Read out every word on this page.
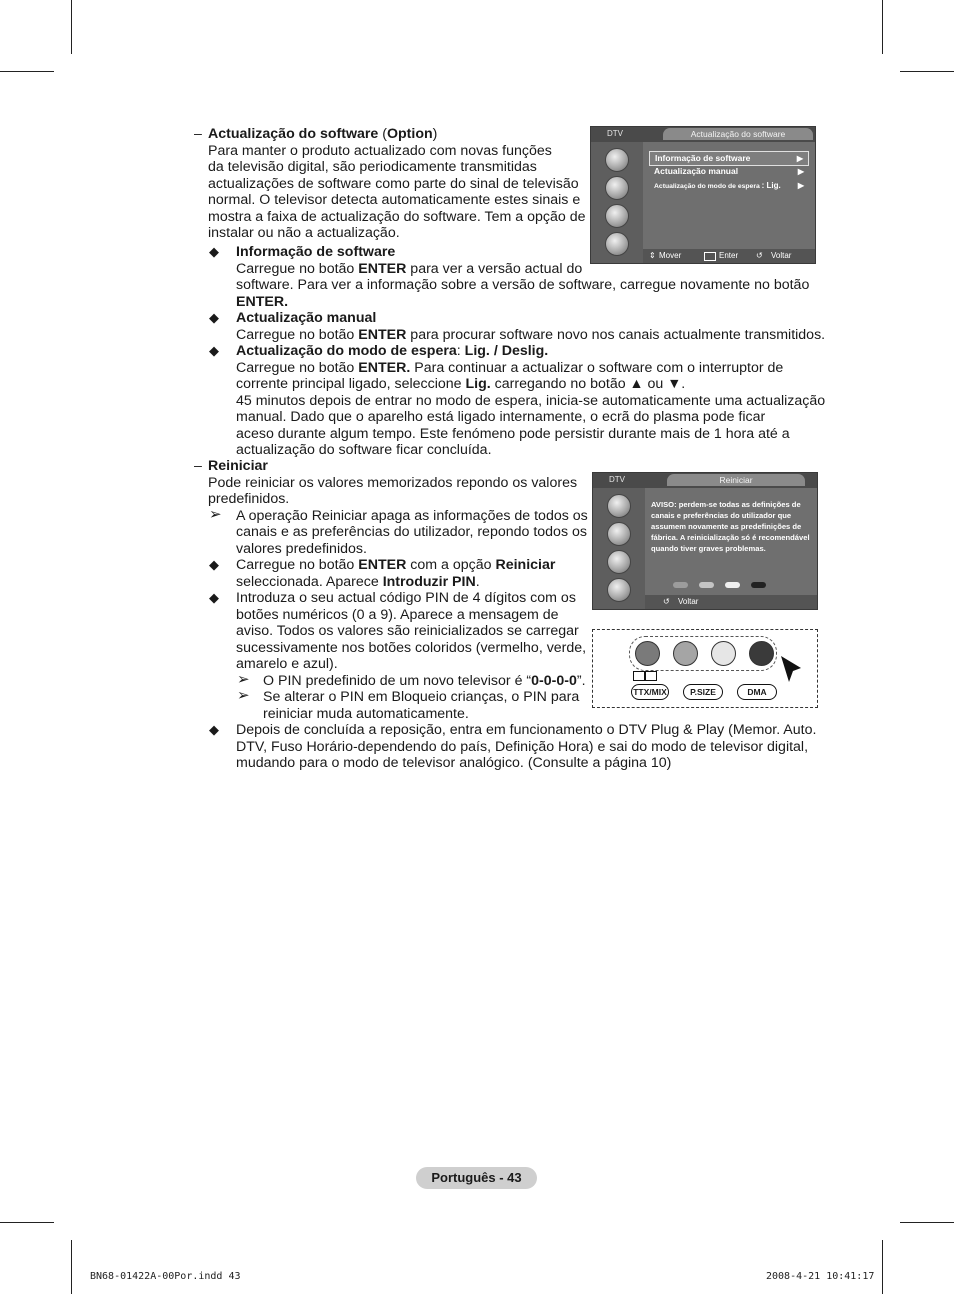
– Actualização do software (Option)
Para manter o produto actualizado com novas funções
da televisão digital, são periodicamente transmitidas
actualizações de software como parte do sinal de televisão
normal. O televisor detecta automaticamente estes sinais e
mostra a faixa de actualização do software. Tem a opção de
instalar ou não a actualização.
◆ Informação de software
Carregue no botão ENTER para ver a versão actual do
software. Para ver a informação sobre a versão de software, carregue novamente no botão
ENTER.
◆ Actualização manual
Carregue no botão ENTER para procurar software novo nos canais actualmente transmitidos.
◆ Actualização do modo de espera: Lig. / Deslig.
Carregue no botão ENTER. Para continuar a actualizar o software com o interruptor de
corrente principal ligado, seleccione Lig. carregando no botão ▲ ou ▼.
45 minutos depois de entrar no modo de espera, inicia-se automaticamente uma actualização
manual. Dado que o aparelho está ligado internamente, o ecrã do plasma pode ficar
aceso durante algum tempo. Este fenómeno pode persistir durante mais de 1 hora até a
actualização do software ficar concluída.
– Reiniciar
Pode reiniciar os valores memorizados repondo os valores
predefinidos.
➢ A operação Reiniciar apaga as informações de todos os
canais e as preferências do utilizador, repondo todos os
valores predefinidos.
◆ Carregue no botão ENTER com a opção Reiniciar
seleccionada. Aparece Introduzir PIN.
◆ Introduza o seu actual código PIN de 4 dígitos com os
botões numéricos (0 a 9). Aparece a mensagem de
aviso. Todos os valores são reinicializados se carregar
sucessivamente nos botões coloridos (vermelho, verde,
amarelo e azul).
➢ O PIN predefinido de um novo televisor é “0-0-0-0”.
➢ Se alterar o PIN em Bloqueio crianças, o PIN para
reiniciar muda automaticamente.
◆ Depois de concluída a reposição, entra em funcionamento o DTV Plug & Play (Memor. Auto.
DTV, Fuso Horário-dependendo do país, Definição Hora) e sai do modo de televisor digital,
mudando para o modo de televisor analógico. (Consulte a página 10)
DTV	Actualização do software
Informação de software	▶
Actualização manual	▶
Actualização do modo de espera : Lig. ▶
⇕ Mover	Enter ↺ Voltar
DTV	Reiniciar
AVISO: perdem-se todas as definições de canais e preferências do utilizador que assumem novamente as predefinições de fábrica. A reinicialização só é recomendável quando tiver graves problemas.
↺ Voltar
TTX/MIX	P.SIZE	DMA
Português - 43
BN68-01422A-00Por.indd 43	2008-4-21 10:41:17
